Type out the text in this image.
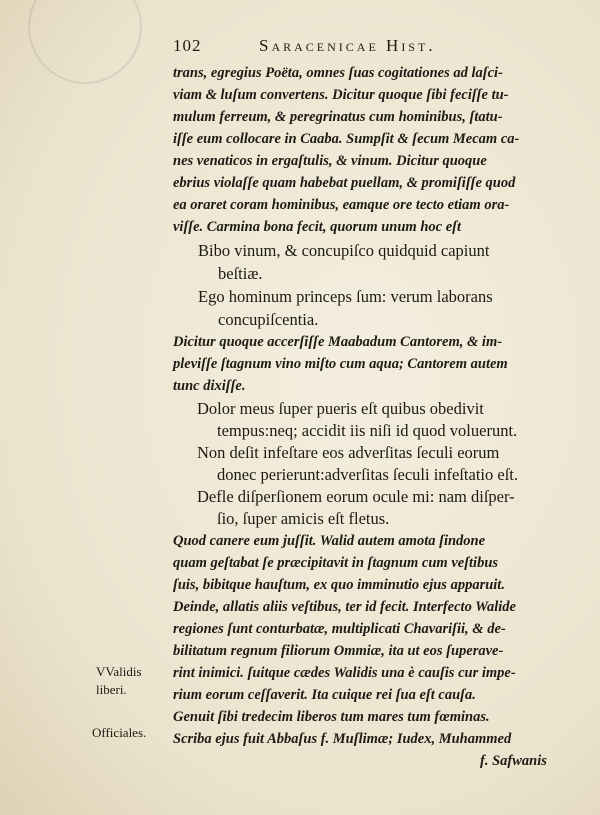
102	Saracenicae Hist.
trans, egregius Poëta, omnes ſuas cogitationes ad laſci-
viam & luſum convertens. Dicitur quoque ſibi feciſſe tu-
mulum ferreum, & peregrinatus cum hominibus, ſtatu-
iſſe eum collocare in Caaba. Sumpſit & ſecum Mecam ca-
nes venaticos in ergaſtulis, & vinum. Dicitur quoque
ebrius violaſſe quam habebat puellam, & promiſiſſe quod
ea oraret coram hominibus, eamque ore tecto etiam ora-
viſſe. Carmina bona fecit, quorum unum hoc eſt
Bibo vinum, & concupiſco quidquid capiunt
beſtiæ.
Ego hominum princeps ſum: verum laborans
concupiſcentia.
Dicitur quoque accerſiſſe Maabadum Cantorem, & im-
pleviſſe ſtagnum vino miſto cum aqua; Cantorem autem
tunc dixiſſe.
Dolor meus ſuper pueris eſt quibus obedivit
tempus:neq; accidit iis niſi id quod voluerunt.
Non deſit infeſtare eos adverſitas ſeculi eorum
donec perierunt:adverſitas ſeculi infeſtatio eſt.
Defle diſperſionem eorum ocule mi: nam diſper-
ſio, ſuper amicis eſt fletus.
Quod canere eum juſſit. Walid autem amota ſindone
quam geſtabat ſe præcipitavit in ſtagnum cum veſtibus
ſuis, bibitque hauſtum, ex quo imminutio ejus apparuit.
Deinde, allatis aliis veſtibus, ter id fecit. Interfecto Walide
regiones ſunt conturbatæ, multiplicati Chavariſii, & de-
bilitatum regnum filiorum Ommiæ, ita ut eos ſuperave-
rint inimici. ſuitque cædes Walidis una è cauſis cur impe-
rium eorum ceſſaverit. Ita cuique rei ſua eſt cauſa.
Genuit ſibi tredecim liberos tum mares tum fœminas.
Scriba ejus fuit Abbaſus f. Muſlimæ; Iudex, Muhammed
f. Safwanis
VValidis
liberi.
Officiales.
